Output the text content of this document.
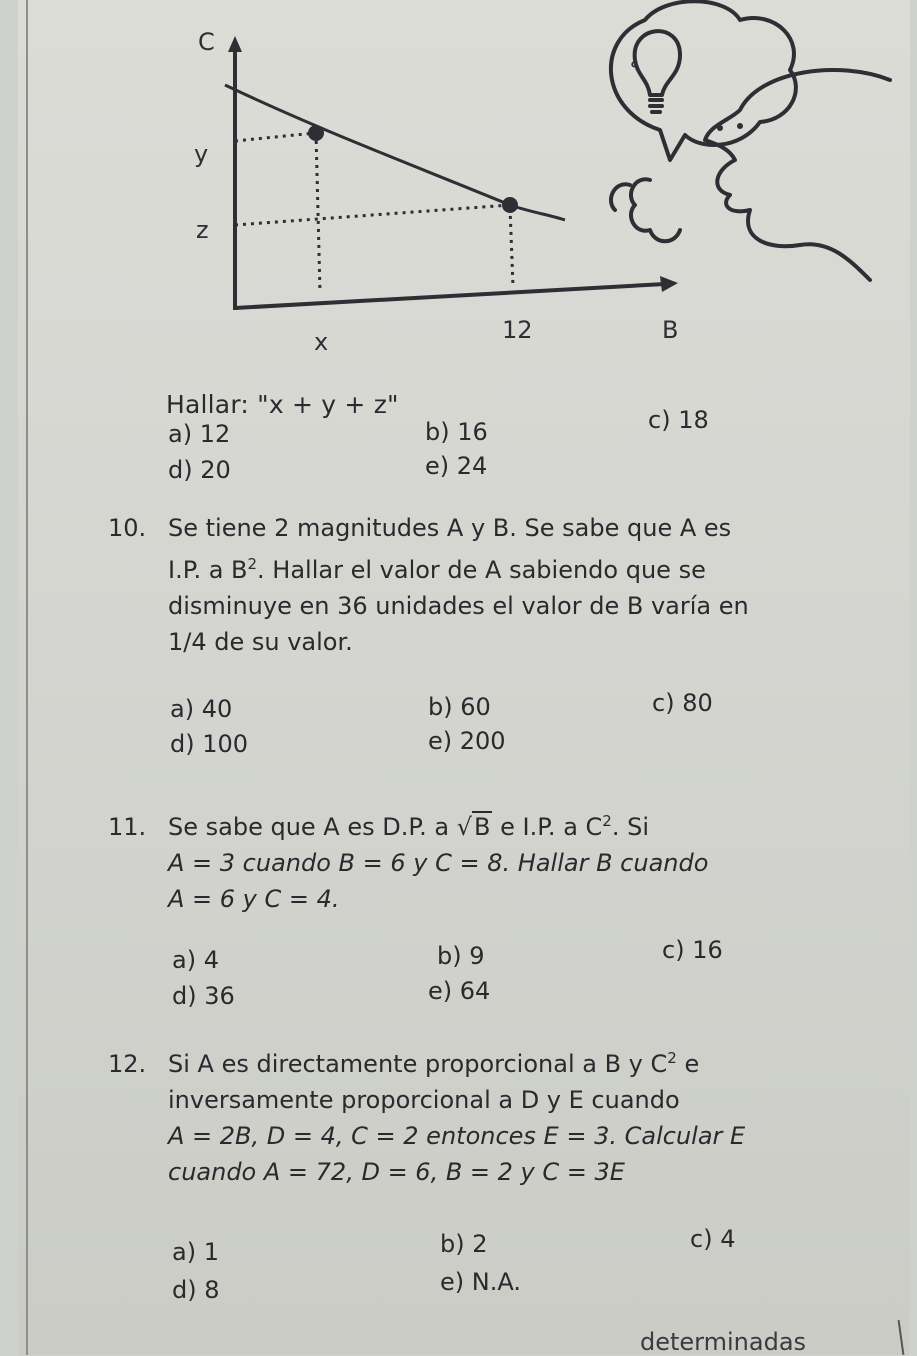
C
y
z
x	12	B
¿
Hallar: "x + y + z"
a) 12	b) 16	c) 18
d) 20	e) 24
10. Se tiene 2 magnitudes A y B. Se sabe que A es
I.P. a $B^2$. Hallar el valor de A sabiendo que se
disminuye en 36 unidades el valor de B varía en
1/4 de su valor.
a) 40	b) 60	c) 80
d) 100	e) 200
11. Se sabe que A es D.P. a √B e I.P. a $C^2$. Si
A = 3 cuando B = 6 y C = 8. Hallar B cuando
A = 6 y C = 4.
a) 4	b) 9	c) 16
d) 36	e) 64
12. Si A es directamente proporcional a B y $C^2$ e
inversamente proporcional a D y E cuando
A = 2B, D = 4, C = 2 entonces E = 3. Calcular E
cuando A = 72, D = 6, B = 2 y C = 3E
a) 1	b) 2	c) 4
d) 8	e) N.A.
determinadas
